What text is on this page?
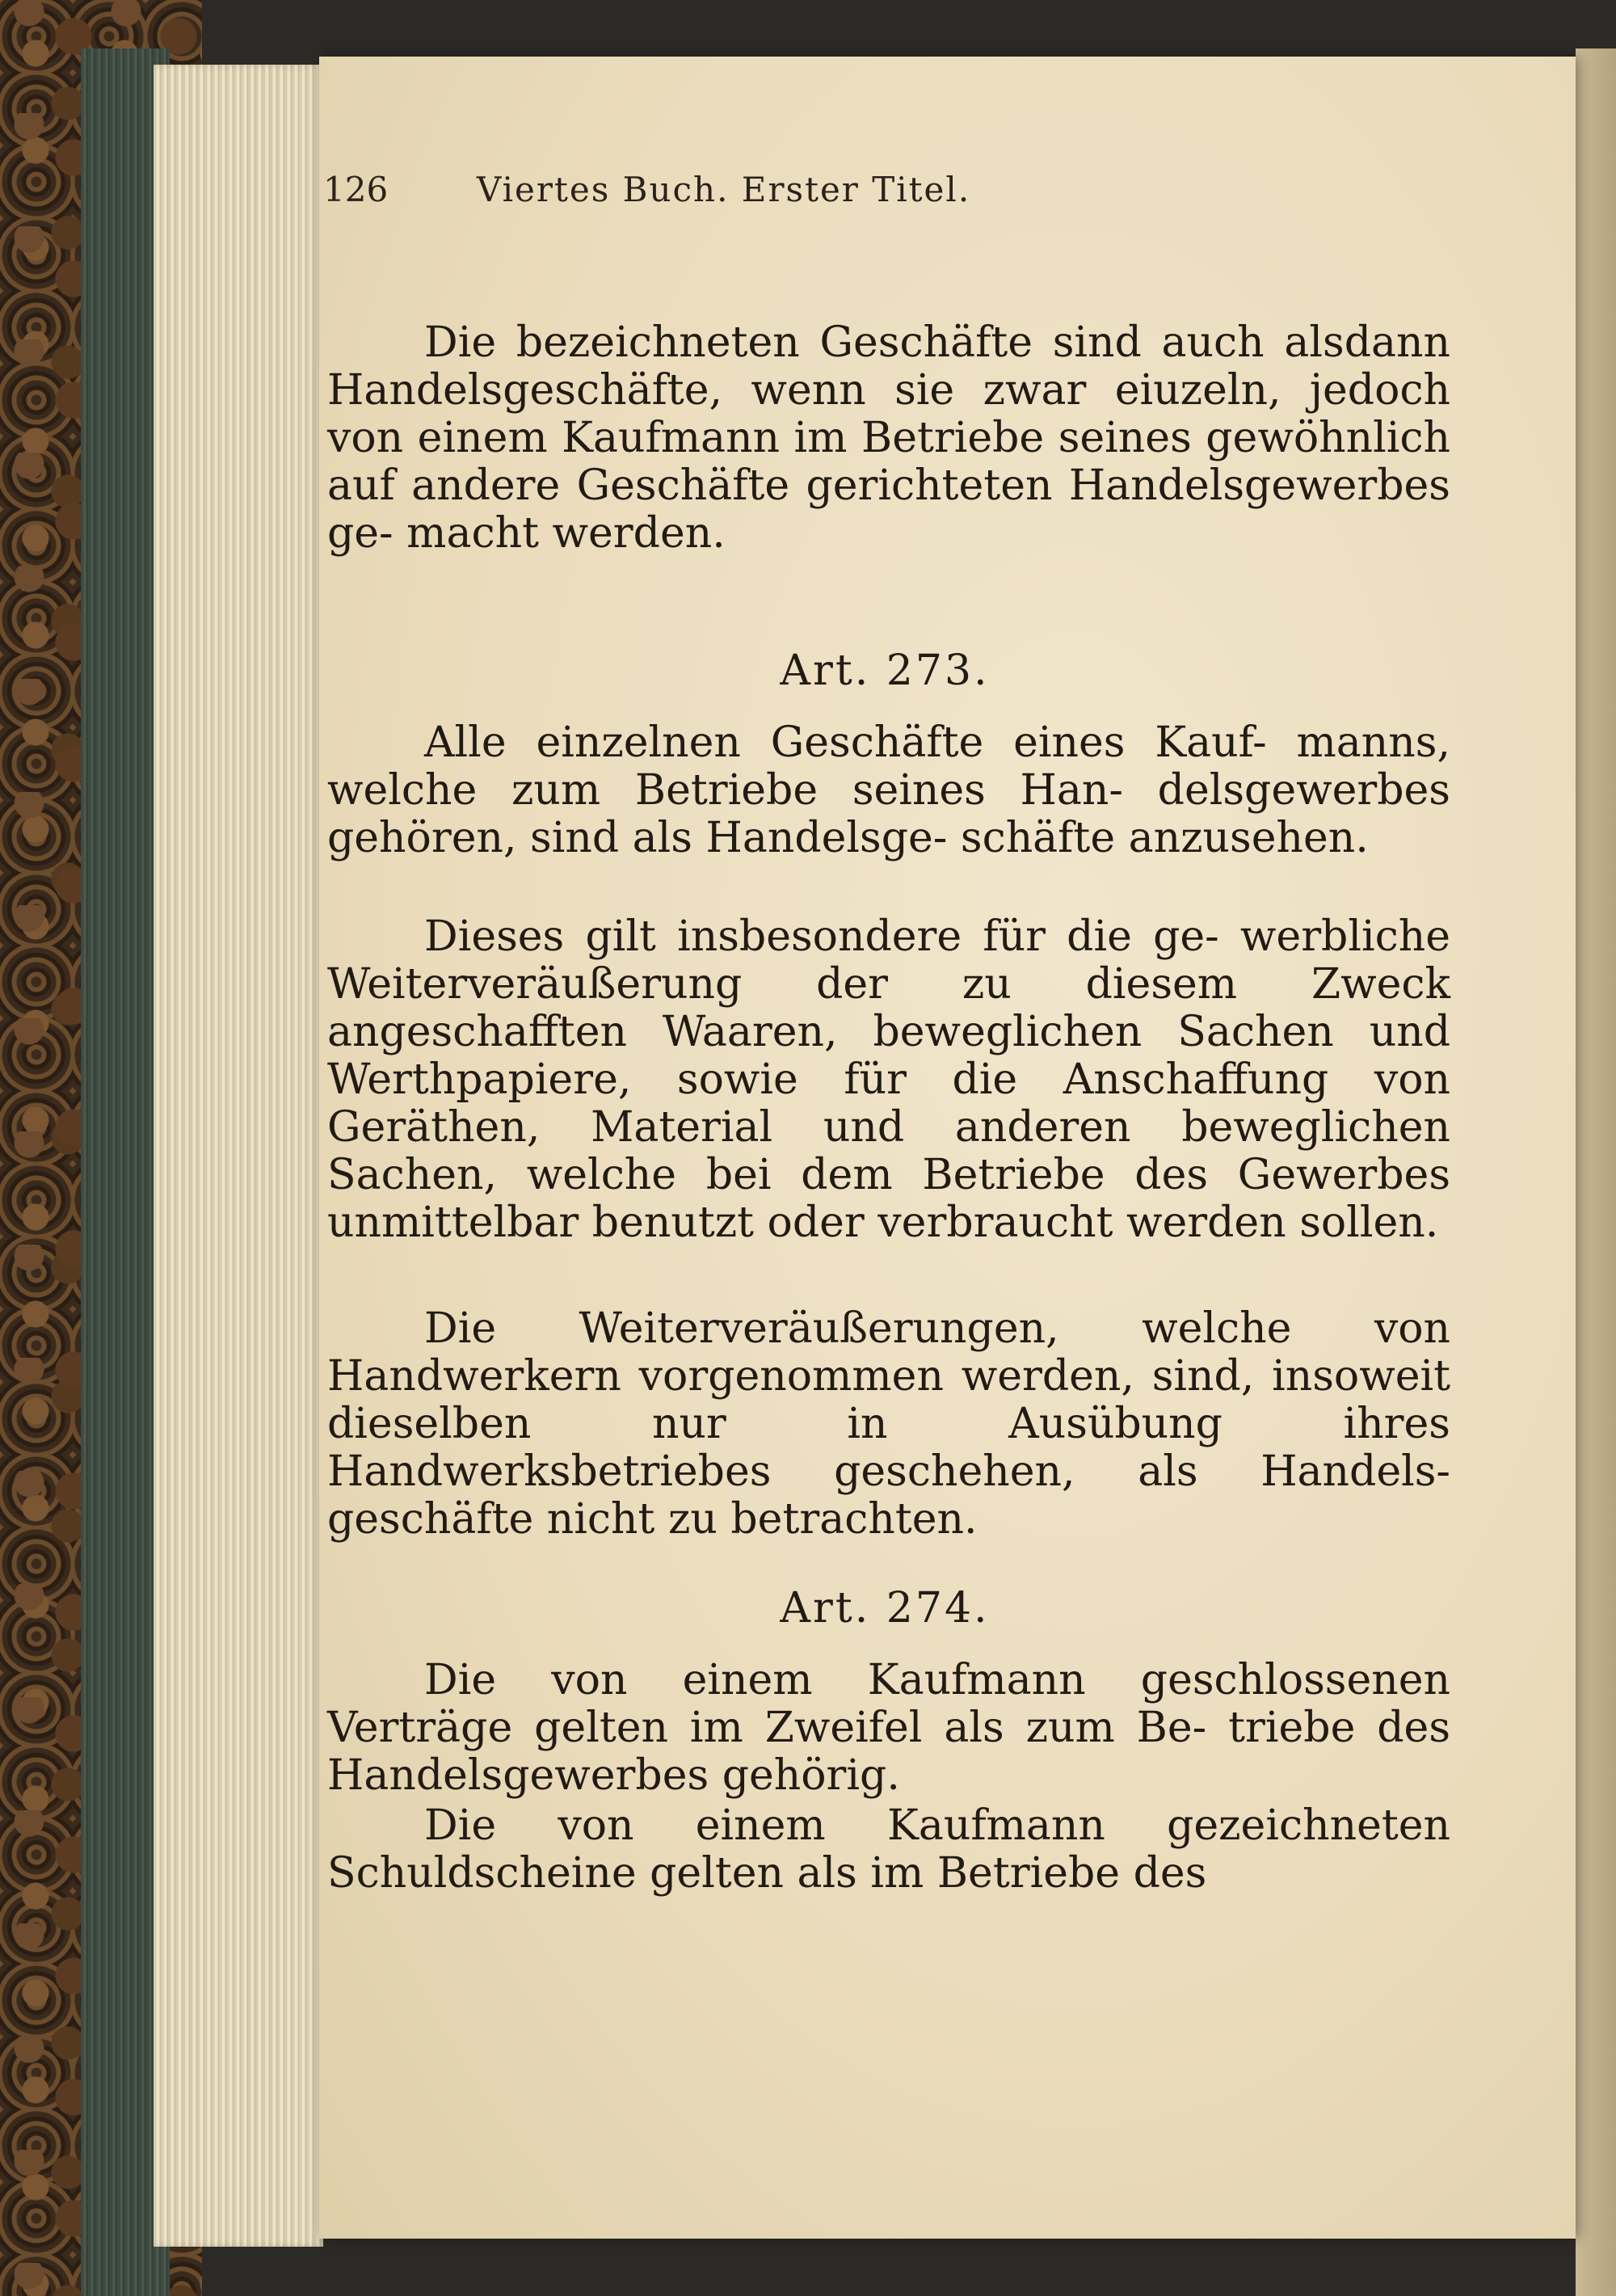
126	Viertes Buch. Erster Titel.
Die bezeichneten Geschäfte sind auch alsdann Handelsgeschäfte, wenn sie zwar eiuzeln, jedoch von einem Kaufmann im Betriebe seines gewöhnlich auf andere Geschäfte gerichteten Handelsgewerbes ge- macht werden.
Art. 273.
Alle einzelnen Geschäfte eines Kauf- manns, welche zum Betriebe seines Han- delsgewerbes gehören, sind als Handelsge- schäfte anzusehen.
Dieses gilt insbesondere für die ge- werbliche Weiterveräußerung der zu diesem Zweck angeschafften Waaren, beweglichen Sachen und Werthpapiere, sowie für die Anschaffung von Geräthen, Material und anderen beweglichen Sachen, welche bei dem Betriebe des Gewerbes unmittelbar benutzt oder verbraucht werden sollen.
Die Weiterveräußerungen, welche von Handwerkern vorgenommen werden, sind, insoweit dieselben nur in Ausübung ihres Handwerksbetriebes geschehen, als Handels- geschäfte nicht zu betrachten.
Art. 274.
Die von einem Kaufmann geschlossenen Verträge gelten im Zweifel als zum Be- triebe des Handelsgewerbes gehörig.
Die von einem Kaufmann gezeichneten Schuldscheine gelten als im Betriebe des
